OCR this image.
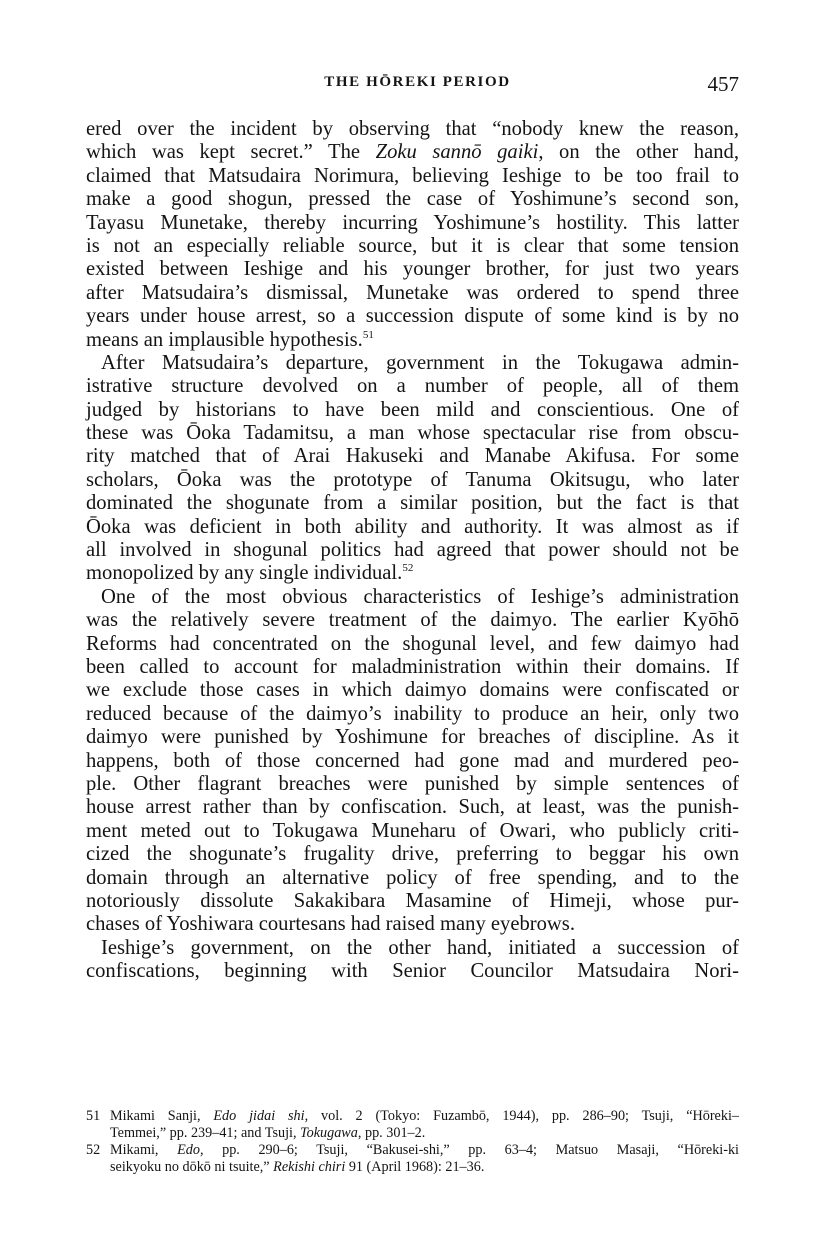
THE HŌREKI PERIOD	457
ered over the incident by observing that “nobody knew the reason,
which was kept secret.” The Zoku sannō gaiki, on the other hand,
claimed that Matsudaira Norimura, believing Ieshige to be too frail to
make a good shogun, pressed the case of Yoshimune’s second son,
Tayasu Munetake, thereby incurring Yoshimune’s hostility. This latter
is not an especially reliable source, but it is clear that some tension
existed between Ieshige and his younger brother, for just two years
after Matsudaira’s dismissal, Munetake was ordered to spend three
years under house arrest, so a succession dispute of some kind is by no
means an implausible hypothesis.$^{51}$
After Matsudaira’s departure, government in the Tokugawa admin-
istrative structure devolved on a number of people, all of them
judged by historians to have been mild and conscientious. One of
these was Ōoka Tadamitsu, a man whose spectacular rise from obscu-
rity matched that of Arai Hakuseki and Manabe Akifusa. For some
scholars, Ōoka was the prototype of Tanuma Okitsugu, who later
dominated the shogunate from a similar position, but the fact is that
Ōoka was deficient in both ability and authority. It was almost as if
all involved in shogunal politics had agreed that power should not be
monopolized by any single individual.$^{52}$
One of the most obvious characteristics of Ieshige’s administration
was the relatively severe treatment of the daimyo. The earlier Kyōhō
Reforms had concentrated on the shogunal level, and few daimyo had
been called to account for maladministration within their domains. If
we exclude those cases in which daimyo domains were confiscated or
reduced because of the daimyo’s inability to produce an heir, only two
daimyo were punished by Yoshimune for breaches of discipline. As it
happens, both of those concerned had gone mad and murdered peo-
ple. Other flagrant breaches were punished by simple sentences of
house arrest rather than by confiscation. Such, at least, was the punish-
ment meted out to Tokugawa Muneharu of Owari, who publicly criti-
cized the shogunate’s frugality drive, preferring to beggar his own
domain through an alternative policy of free spending, and to the
notoriously dissolute Sakakibara Masamine of Himeji, whose pur-
chases of Yoshiwara courtesans had raised many eyebrows.
Ieshige’s government, on the other hand, initiated a succession of
confiscations, beginning with Senior Councilor Matsudaira Nori-
51 Mikami Sanji, Edo jidai shi, vol. 2 (Tokyo: Fuzambō, 1944), pp. 286–90; Tsuji, “Hōreki–
Temmei,” pp. 239–41; and Tsuji, Tokugawa, pp. 301–2.
52 Mikami, Edo, pp. 290–6; Tsuji, “Bakusei-shi,” pp. 63–4; Matsuo Masaji, “Hōreki-ki
seikyoku no dōkō ni tsuite,” Rekishi chiri 91 (April 1968): 21–36.
